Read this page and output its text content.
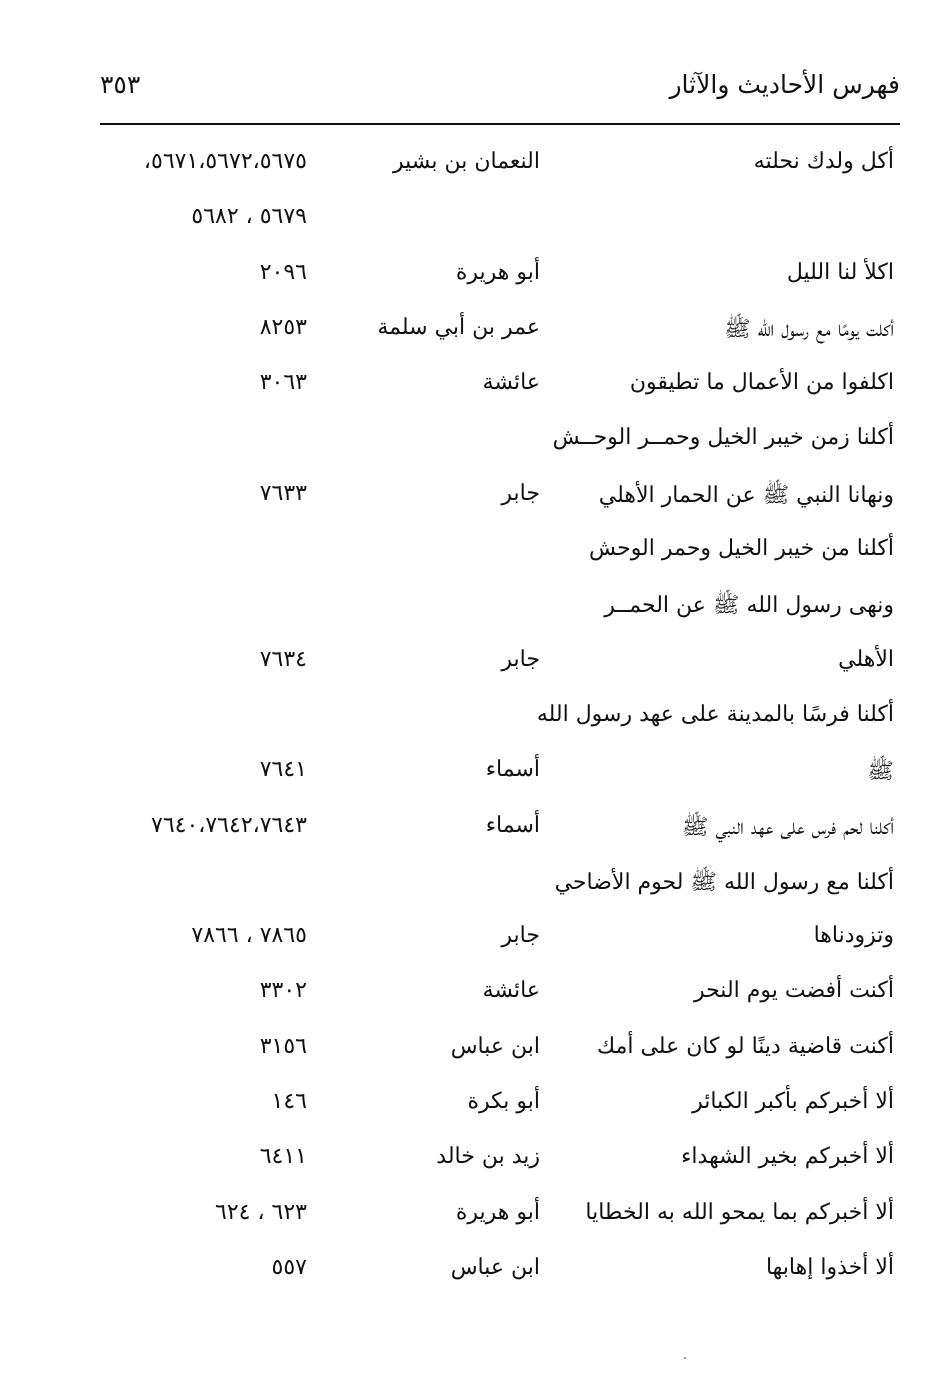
فهرس الأحاديث والآثار
٣٥٣
أكل ولدك نحلته
النعمان بن بشير
٥٦٧١،٥٦٧٢،٥٦٧٥،
٥٦٧٩ ، ٥٦٨٢
اكلأ لنا الليل
أبو هريرة
٢٠٩٦
أكلت يومًا مع رسول الله ﷺ
عمر بن أبي سلمة
٨٢٥٣
اكلفوا من الأعمال ما تطيقون
عائشة
٣٠٦٣
أكلنا زمن خيبر الخيل وحمــر الوحــش
ونهانا النبي ﷺ عن الحمار الأهلي
جابر
٧٦٣٣
أكلنا من خيبر الخيل وحمر الوحش
ونهى رسول الله ﷺ عن الحمــر
الأهلي
جابر
٧٦٣٤
أكلنا فرسًا بالمدينة على عهد رسول الله
ﷺ
أسماء
٧٦٤١
أكلنا لحم فرس على عهد النبي ﷺ
أسماء
٧٦٤٠،٧٦٤٢،٧٦٤٣
أكلنا مع رسول الله ﷺ لحوم الأضاحي
وتزودناها
جابر
٧٨٦٥ ، ٧٨٦٦
أكنت أفضت يوم النحر
عائشة
٣٣٠٢
أكنت قاضية دينًا لو كان على أمك
ابن عباس
٣١٥٦
ألا أخبركم بأكبر الكبائر
أبو بكرة
١٤٦
ألا أخبركم بخير الشهداء
زيد بن خالد
٦٤١١
ألا أخبركم بما يمحو الله به الخطايا
أبو هريرة
٦٢٣ ، ٦٢٤
ألا أخذوا إهابها
ابن عباس
٥٥٧
